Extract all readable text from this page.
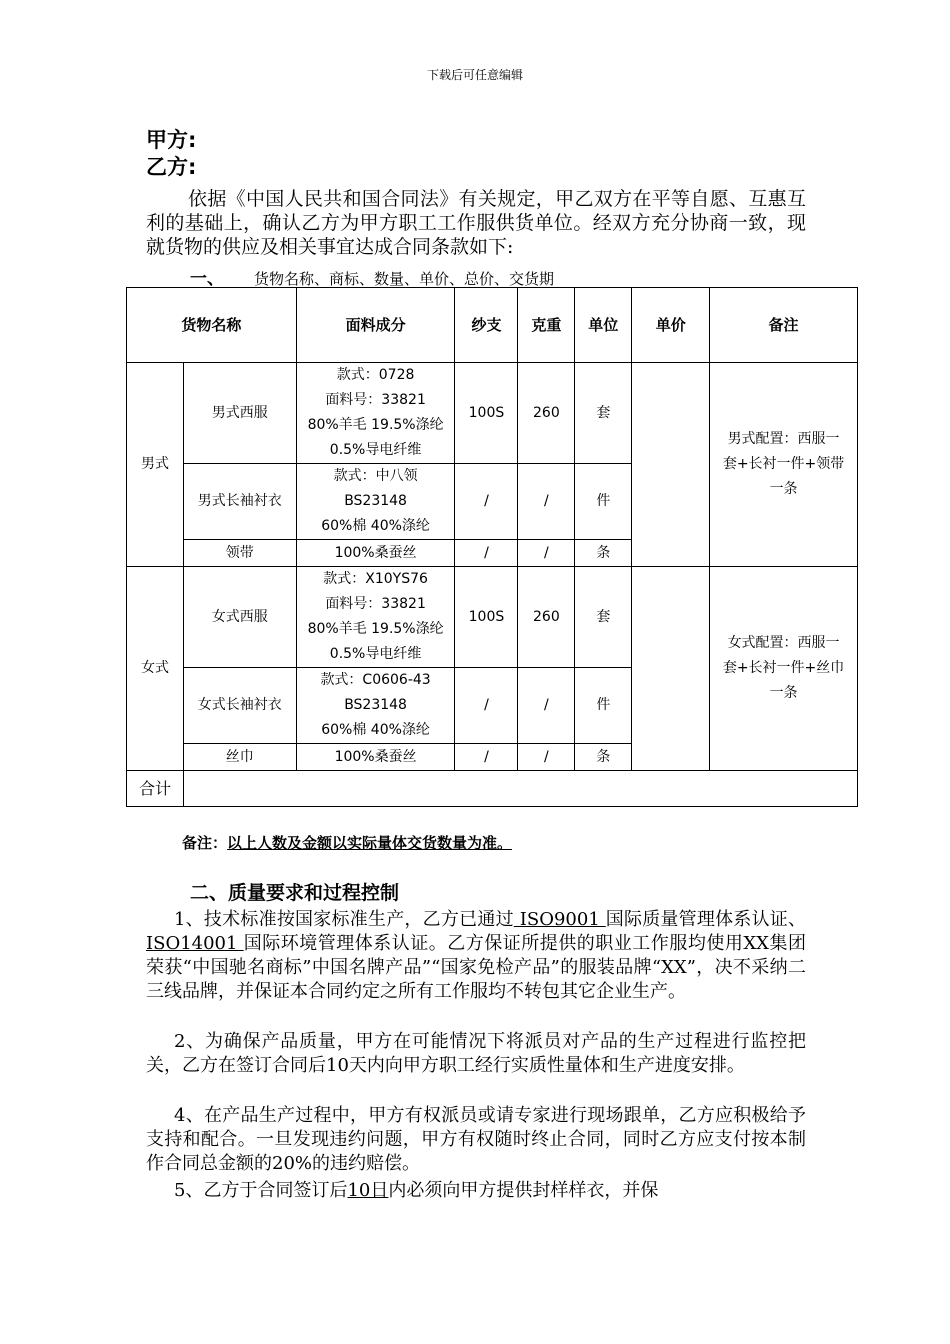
下载后可任意编辑
甲方:
乙方:

依据《中国人民共和国合同法》有关规定，甲乙双方在平等自愿、互惠互利的基础上，确认乙方为甲方职工工作服供货单位。经双方充分协商一致，现就货物的供应及相关事宜达成合同条款如下:

一、 货物名称、商标、数量、单价、总价、交货期
货物名称		面料成分	纱支	克重	单位	单价	备注
男式	男式西服	款式：0728
面料号：33821
80%羊毛 19.5%涤纶
0.5%导电纤维	100S	260	套		男式配置：西服一套+长衬一件+领带一条
	男式长袖衬衣	款式：中八领
BS23148
60%棉 40%涤纶	/	/	件		
	领带	100%桑蚕丝	/	/	条		
女式	女式西服	款式：X10YS76
面料号：33821
80%羊毛 19.5%涤纶
0.5%导电纤维	100S	260	套		女式配置：西服一套+长衬一件+丝巾一条
	女式长袖衬衣	款式：C0606-43
BS23148
60%棉 40%涤纶	/	/	件		
	丝巾	100%桑蚕丝	/	/	条		
合计							
备注：以上人数及金额以实际量体交货数量为准。
二、质量要求和过程控制

1、技术标准按国家标准生产，乙方已通过 ISO9001 国际质量管理体系认证、 ISO14001 国际环境管理体系认证。乙方保证所提供的职业工作服均使用XX集团荣获“中国驰名商标”中国名牌产品”“国家免检产品”的服装品牌“XX”，决不采纳二三线品牌，并保证本合同约定之所有工作服均不转包其它企业生产。

2、为确保产品质量，甲方在可能情况下将派员对产品的生产过程进行监控把关，乙方在签订合同后10天内向甲方职工经行实质性量体和生产进度安排。

4、在产品生产过程中，甲方有权派员或请专家进行现场跟单，乙方应积极给予支持和配合。一旦发现违约问题，甲方有权随时终止合同，同时乙方应支付按本制作合同总金额的20%的违约赔偿。

5、乙方于合同签订后10日内必须向甲方提供封样样衣，并保
